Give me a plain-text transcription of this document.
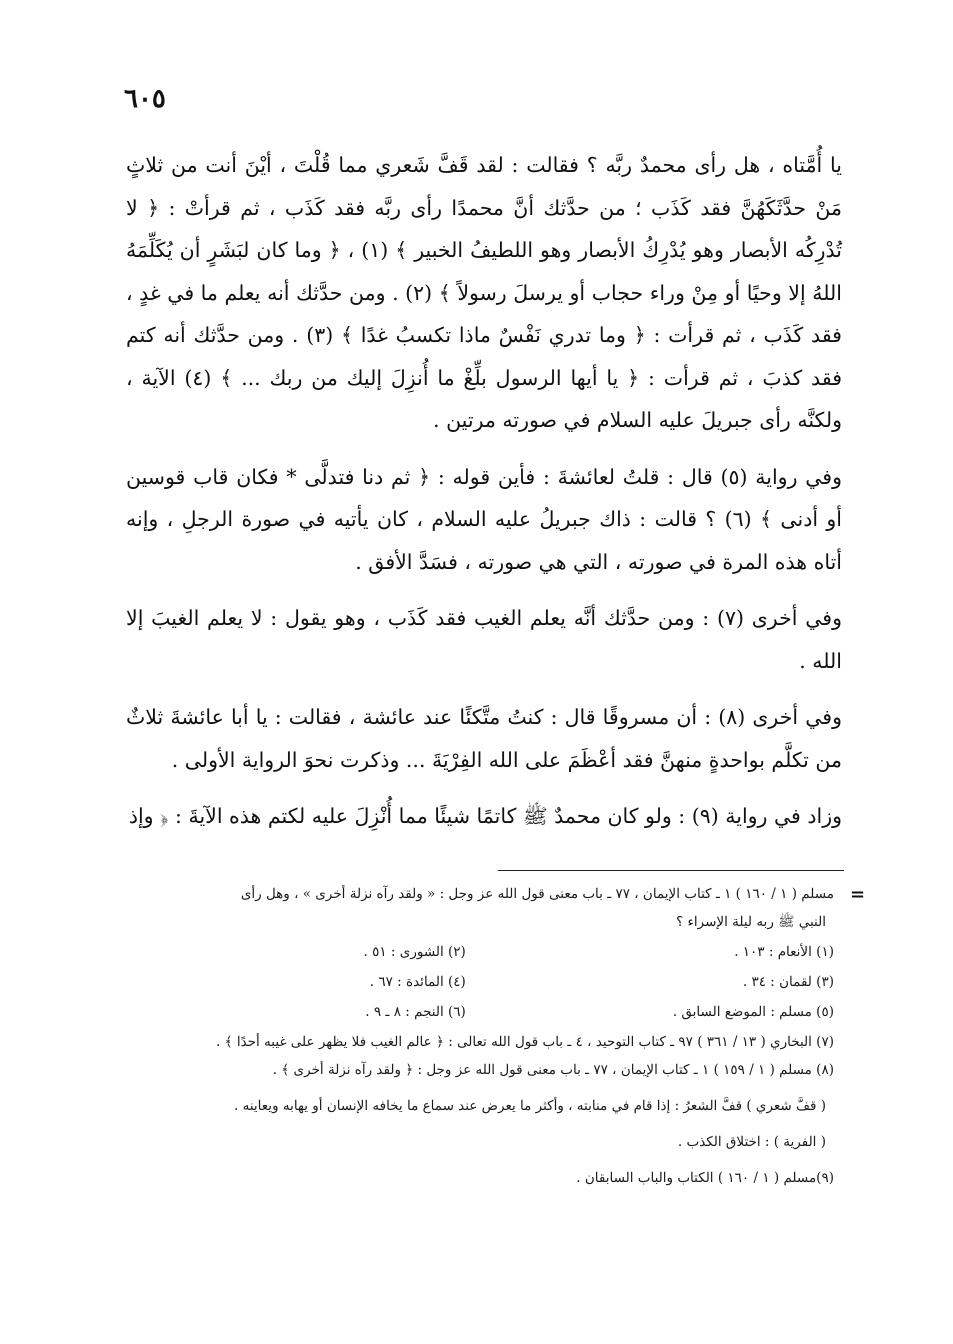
٦٠٥

يا أُمَّتاه ، هل رأى محمدٌ ربَّه ؟ فقالت : لقد قَفَّ شَعري مما قُلْتَ ، أيْنَ أنت من ثلاثٍ مَنْ حدَّثَكَهُنَّ فقد كَذَب ؛ من حدَّثك أنَّ محمدًا رأى ربَّه فقد كَذَب ، ثم قرأتْ : ﴿ لا تُدْرِكُه الأبصار وهو يُدْرِكُ الأبصار وهو اللطيفُ الخبير ﴾ (١) ، ﴿ وما كان لبَشَرٍ أن يُكَلِّمَهُ اللهُ إلا وحيًا أو مِنْ وراء حجاب أو يرسلَ رسولاً ﴾ (٢) . ومن حدَّثك أنه يعلم ما في غدٍ ، فقد كَذَب ، ثم قرأت : ﴿ وما تدري نَفْسٌ ماذا تكسبُ غدًا ﴾ (٣) . ومن حدَّثك أنه كتم فقد كذبَ ، ثم قرأت : ﴿ يا أيها الرسول بلِّغْ ما أُنزِلَ إليك من ربك ... ﴾ (٤) الآية ، ولكنَّه رأى جبريلَ عليه السلام في صورته مرتين .

وفي رواية (٥) قال : قلتُ لعائشةَ : فأين قوله : ﴿ ثم دنا فتدلَّى * فكان قاب قوسين أو أدنى ﴾ (٦) ؟ قالت : ذاك جبريلُ عليه السلام ، كان يأتيه في صورة الرجلِ ، وإنه أتاه هذه المرة في صورته ، التي هي صورته ، فسَدَّ الأفق .

وفي أخرى (٧) : ومن حدَّثك أنَّه يعلم الغيب فقد كَذَب ، وهو يقول : لا يعلم الغيبَ إلا الله .

وفي أخرى (٨) : أن مسروقًا قال : كنتُ متَّكئًا عند عائشة ، فقالت : يا أبا عائشةَ ثلاثٌ من تكلَّم بواحدةٍ منهنَّ فقد أعْظَمَ على الله الفِرْيَةَ ... وذكرت نحوَ الرواية الأولى .

وزاد في رواية (٩) : ولو كان محمدٌ ﷺ كاتمًا شيئًا مما أُنْزِلَ عليه لكتم هذه الآيةَ : ﴿ وإذ

=
مسلم ( ١ / ١٦٠ ) ١ ـ كتاب الإيمان ، ٧٧ ـ باب معنى قول الله عز وجل : « ولقد رآه نزلة أخرى » ، وهل رأى
النبي ﷺ ربه ليلة الإسراء ؟
(١) الأنعام : ١٠٣ .
(٢) الشورى : ٥١ .
(٣) لقمان : ٣٤ .
(٤) المائدة : ٦٧ .
(٥) مسلم : الموضع السابق .
(٦) النجم : ٨ ـ ٩ .
(٧) البخاري ( ١٣ / ٣٦١ ) ٩٧ ـ كتاب التوحيد ، ٤ ـ باب قول الله تعالى : ﴿ عالم الغيب فلا يظهر على غيبه أحدًا ﴾ .
(٨) مسلم ( ١ / ١٥٩ ) ١ ـ كتاب الإيمان ، ٧٧ ـ باب معنى قول الله عز وجل : ﴿ ولقد رآه نزلة أخرى ﴾ .
( قفَّ شعري ) قفَّ الشعرُ : إذا قام في منابته ، وأكثر ما يعرض عند سماع ما يخافه الإنسان أو يهابه ويعاينه .
( الفرية ) : اختلاق الكذب .
(٩)مسلم ( ١ / ١٦٠ ) الكتاب والباب السابقان .
